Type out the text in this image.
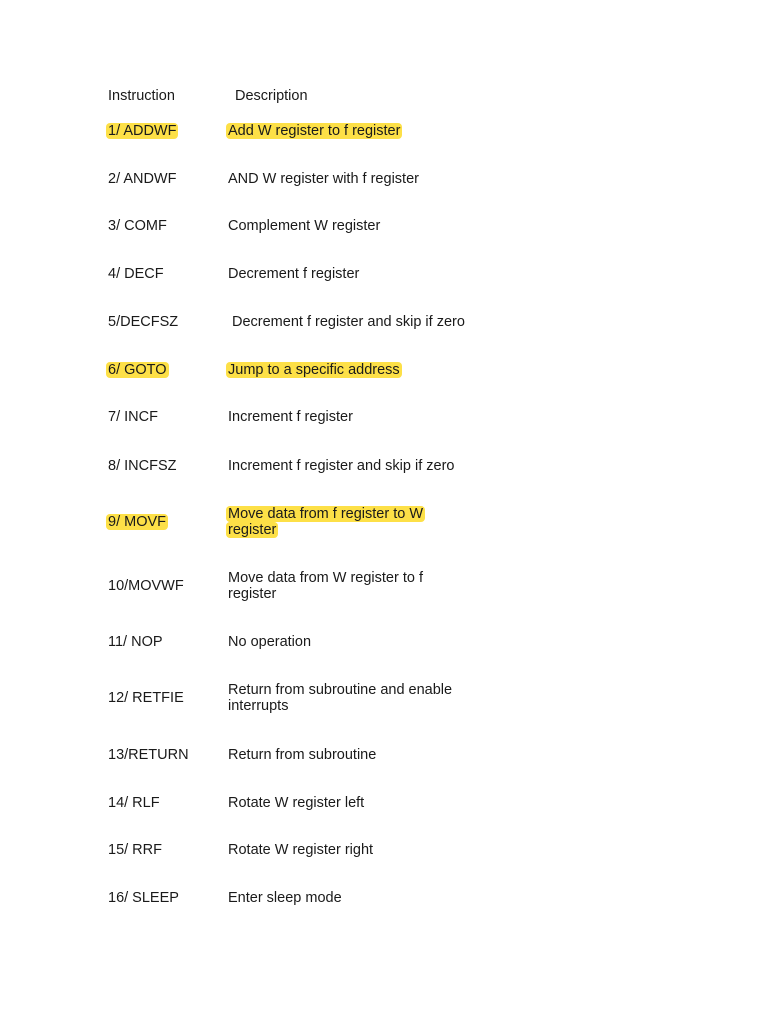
Instruction	Description
1/ ADDWF	Add W register to f register
2/ ANDWF	AND W register with f register
3/ COMF	Complement W register
4/ DECF	Decrement f register
5/DECFSZ	Decrement f register and skip if zero
6/ GOTO	Jump to a specific address
7/ INCF	Increment f register
8/ INCFSZ	Increment f register and skip if zero
9/ MOVF	Move data from f register to W register
10/MOVWF	Move data from W register to f register
11/ NOP	No operation
12/ RETFIE	Return from subroutine and enable interrupts
13/RETURN	Return from subroutine
14/ RLF	Rotate W register left
15/ RRF	Rotate W register right
16/ SLEEP	Enter sleep mode
